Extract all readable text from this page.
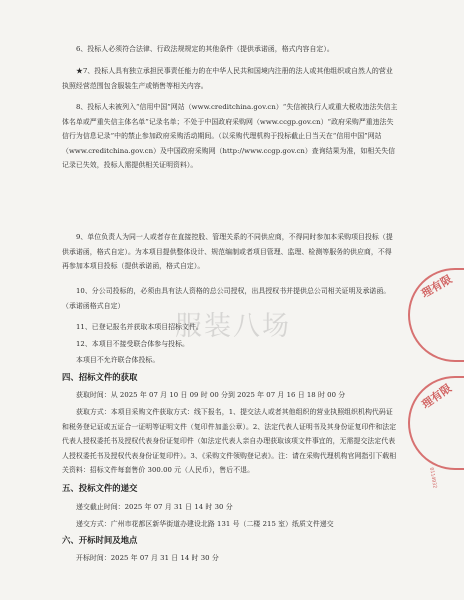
6、投标人必须符合法律、行政法规规定的其他条件（提供承诺函，格式内容自定）。

★7、投标人具有独立承担民事责任能力的在中华人民共和国境内注册的法人或其他组织或自然人的营业执照经营范围包含服装生产或销售等相关内容。

8、投标人未被列入“信用中国”网站（www.creditchina.gov.cn）“失信被执行人或重大税收违法失信主体名单或严重失信主体名单”记录名单；不处于中国政府采购网（www.ccgp.gov.cn）“政府采购严重违法失信行为信息记录”中的禁止参加政府采购活动期间。（以采购代理机构于投标截止日当天在“信用中国”网站（www.creditchina.gov.cn）及中国政府采购网（http://www.ccgp.gov.cn）查询结果为准，如相关失信记录已失效，投标人需提供相关证明资料）。

9、单位负责人为同一人或者存在直接控股、管理关系的不同供应商，不得同时参加本采购项目投标（提供承诺函，格式自定）。为本项目提供整体设计、规范编制或者项目管理、监理、检测等服务的供应商，不得再参加本项目投标（提供承诺函，格式自定）。

10、分公司投标的，必须由具有法人资格的总公司授权，出具授权书并提供总公司相关证明及承诺函。（承诺函格式自定）

11、已登记报名并获取本项目招标文件。

12、本项目不接受联合体参与投标。

本项目不允许联合体投标。

四、招标文件的获取

获取时间：从 2025 年 07 月 10 日 09 时 00 分到 2025 年 07 月 16 日 18 时 00 分

获取方式：本项目采购文件获取方式：线下报名，1、提交法人或者其他组织的营业执照组织机构代码证和税务登记证或五证合一证明等证明文件（复印件加盖公章）。2、法定代表人证明书及其身份证复印件和法定代表人授权委托书及授权代表身份证复印件（如法定代表人亲自办理获取该项文件事宜的，无需提交法定代表人授权委托书及授权代表身份证复印件）。3、《采购文件领购登记表》。注：请在采购代理机构官网指引下载相关资料：招标文件每套售价 300.00 元（人民币），售后不退。

五、投标文件的递交

递交截止时间：2025 年 07 月 31 日 14 时 30 分

递交方式：广州市花都区新华街道办建设北路 131 号（二楼 215 室）纸质文件递交

六、开标时间及地点

开标时间：2025 年 07 月 31 日 14 时 30 分

服装八场
理有限
理有限
0114932
